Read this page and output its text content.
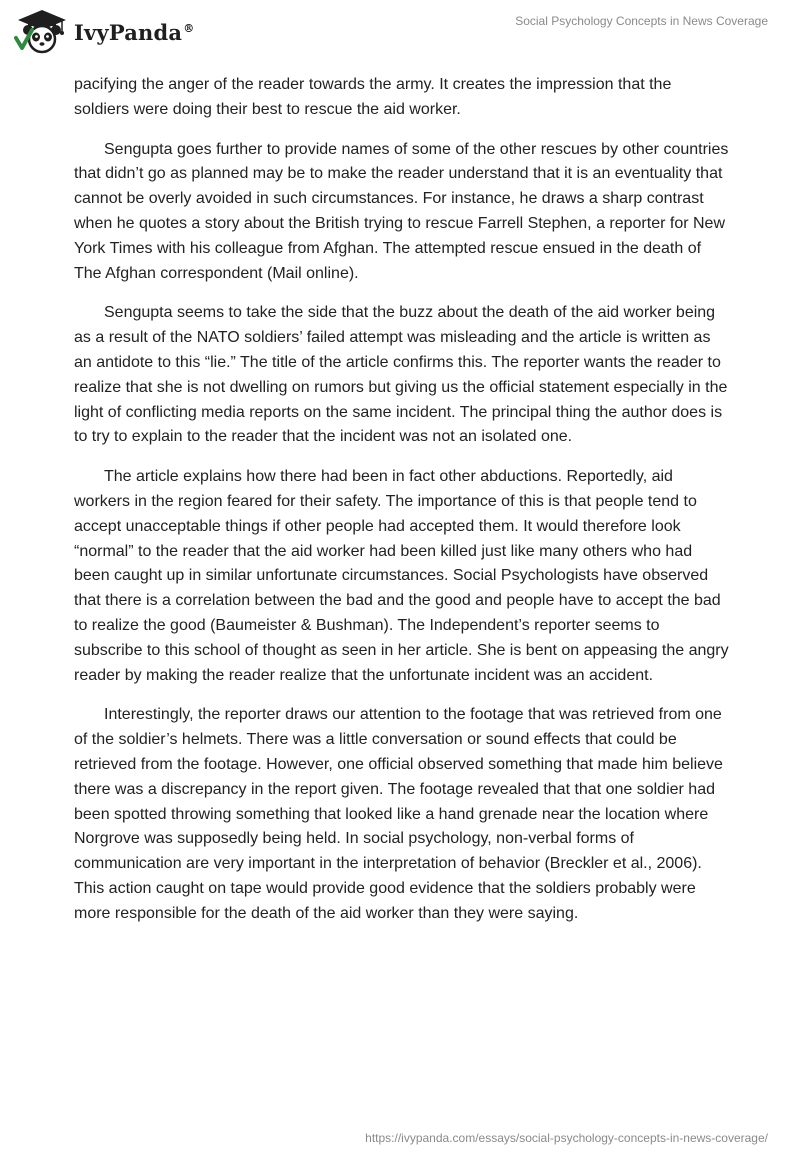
IvyPanda®	Social Psychology Concepts in News Coverage

pacifying the anger of the reader towards the army. It creates the impression that the soldiers were doing their best to rescue the aid worker.

Sengupta goes further to provide names of some of the other rescues by other countries that didn’t go as planned may be to make the reader understand that it is an eventuality that cannot be overly avoided in such circumstances. For instance, he draws a sharp contrast when he quotes a story about the British trying to rescue Farrell Stephen, a reporter for New York Times with his colleague from Afghan. The attempted rescue ensued in the death of The Afghan correspondent (Mail online).

Sengupta seems to take the side that the buzz about the death of the aid worker being as a result of the NATO soldiers’ failed attempt was misleading and the article is written as an antidote to this “lie.” The title of the article confirms this. The reporter wants the reader to realize that she is not dwelling on rumors but giving us the official statement especially in the light of conflicting media reports on the same incident. The principal thing the author does is to try to explain to the reader that the incident was not an isolated one.

The article explains how there had been in fact other abductions. Reportedly, aid workers in the region feared for their safety. The importance of this is that people tend to accept unacceptable things if other people had accepted them. It would therefore look “normal” to the reader that the aid worker had been killed just like many others who had been caught up in similar unfortunate circumstances. Social Psychologists have observed that there is a correlation between the bad and the good and people have to accept the bad to realize the good (Baumeister & Bushman). The Independent’s reporter seems to subscribe to this school of thought as seen in her article. She is bent on appeasing the angry reader by making the reader realize that the unfortunate incident was an accident.

Interestingly, the reporter draws our attention to the footage that was retrieved from one of the soldier’s helmets. There was a little conversation or sound effects that could be retrieved from the footage. However, one official observed something that made him believe there was a discrepancy in the report given. The footage revealed that that one soldier had been spotted throwing something that looked like a hand grenade near the location where Norgrove was supposedly being held. In social psychology, non-verbal forms of communication are very important in the interpretation of behavior (Breckler et al., 2006). This action caught on tape would provide good evidence that the soldiers probably were more responsible for the death of the aid worker than they were saying.

https://ivypanda.com/essays/social-psychology-concepts-in-news-coverage/
